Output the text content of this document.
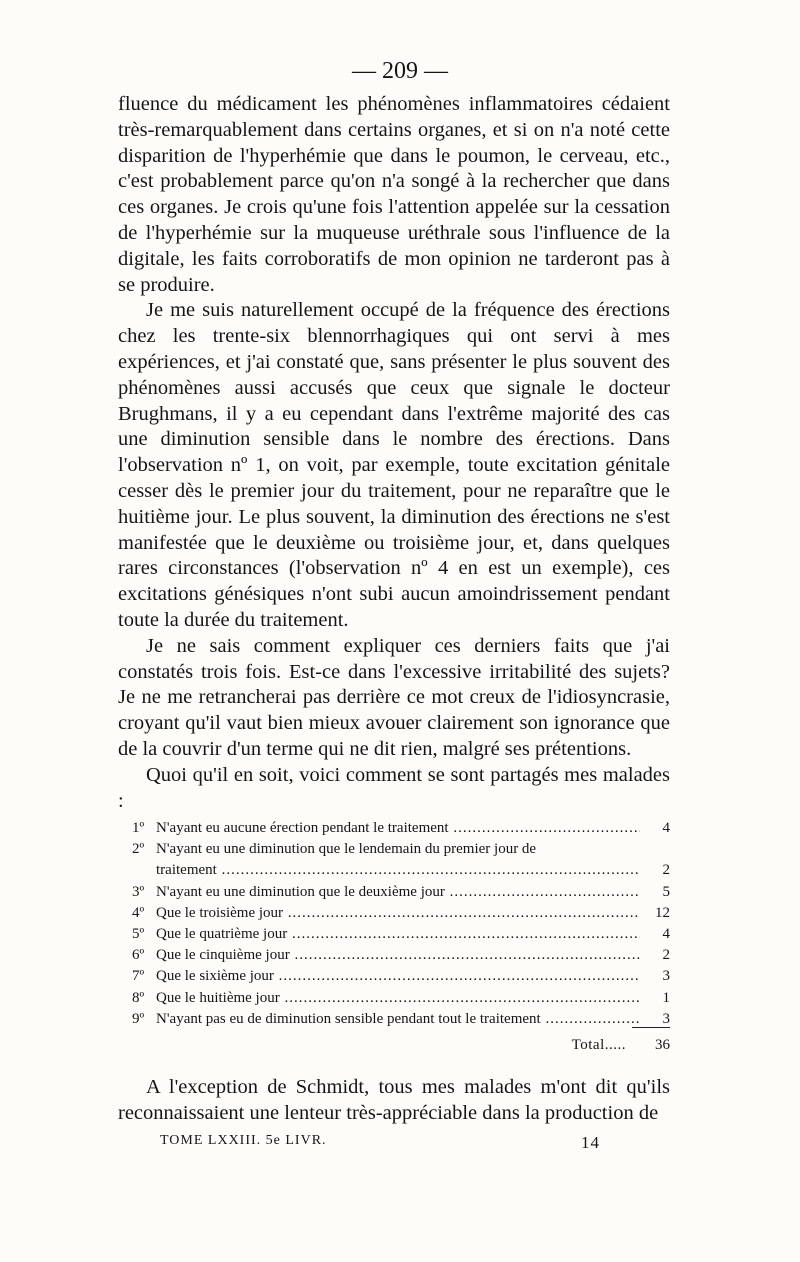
— 209 —

fluence du médicament les phénomènes inflammatoires cédaient très-remarquablement dans certains organes, et si on n'a noté cette disparition de l'hyperhémie que dans le poumon, le cerveau, etc., c'est probablement parce qu'on n'a songé à la rechercher que dans ces organes. Je crois qu'une fois l'attention appelée sur la cessation de l'hyperhémie sur la muqueuse uréthrale sous l'influence de la digitale, les faits corroboratifs de mon opinion ne tarderont pas à se produire.

Je me suis naturellement occupé de la fréquence des érections chez les trente-six blennorrhagiques qui ont servi à mes expériences, et j'ai constaté que, sans présenter le plus souvent des phénomènes aussi accusés que ceux que signale le docteur Brughmans, il y a eu cependant dans l'extrême majorité des cas une diminution sensible dans le nombre des érections. Dans l'observation nº 1, on voit, par exemple, toute excitation génitale cesser dès le premier jour du traitement, pour ne reparaître que le huitième jour. Le plus souvent, la diminution des érections ne s'est manifestée que le deuxième ou troisième jour, et, dans quelques rares circonstances (l'observation nº 4 en est un exemple), ces excitations génésiques n'ont subi aucun amoindrissement pendant toute la durée du traitement.

Je ne sais comment expliquer ces derniers faits que j'ai constatés trois fois. Est-ce dans l'excessive irritabilité des sujets? Je ne me retrancherai pas derrière ce mot creux de l'idiosyncrasie, croyant qu'il vaut bien mieux avouer clairement son ignorance que de la couvrir d'un terme qui ne dit rien, malgré ses prétentions.

Quoi qu'il en soit, voici comment se sont partagés mes malades :

1º N'ayant eu aucune érection pendant le traitement .....	4
2º N'ayant eu une diminution que le lendemain du premier jour de
traitement .....	2
3º N'ayant eu une diminution que le deuxième jour .....	5
4º Que le troisième jour .....	12
5º Que le quatrième jour .....	4
6º Que le cinquième jour .....	2
7º Que le sixième jour .....	3
8º Que le huitième jour .....	1
9º N'ayant pas eu de diminution sensible pendant tout le traitement .....	3
Total.....	36

A l'exception de Schmidt, tous mes malades m'ont dit qu'ils reconnaissaient une lenteur très-appréciable dans la production de

TOME LXXIII. 5e LIVR.	14
